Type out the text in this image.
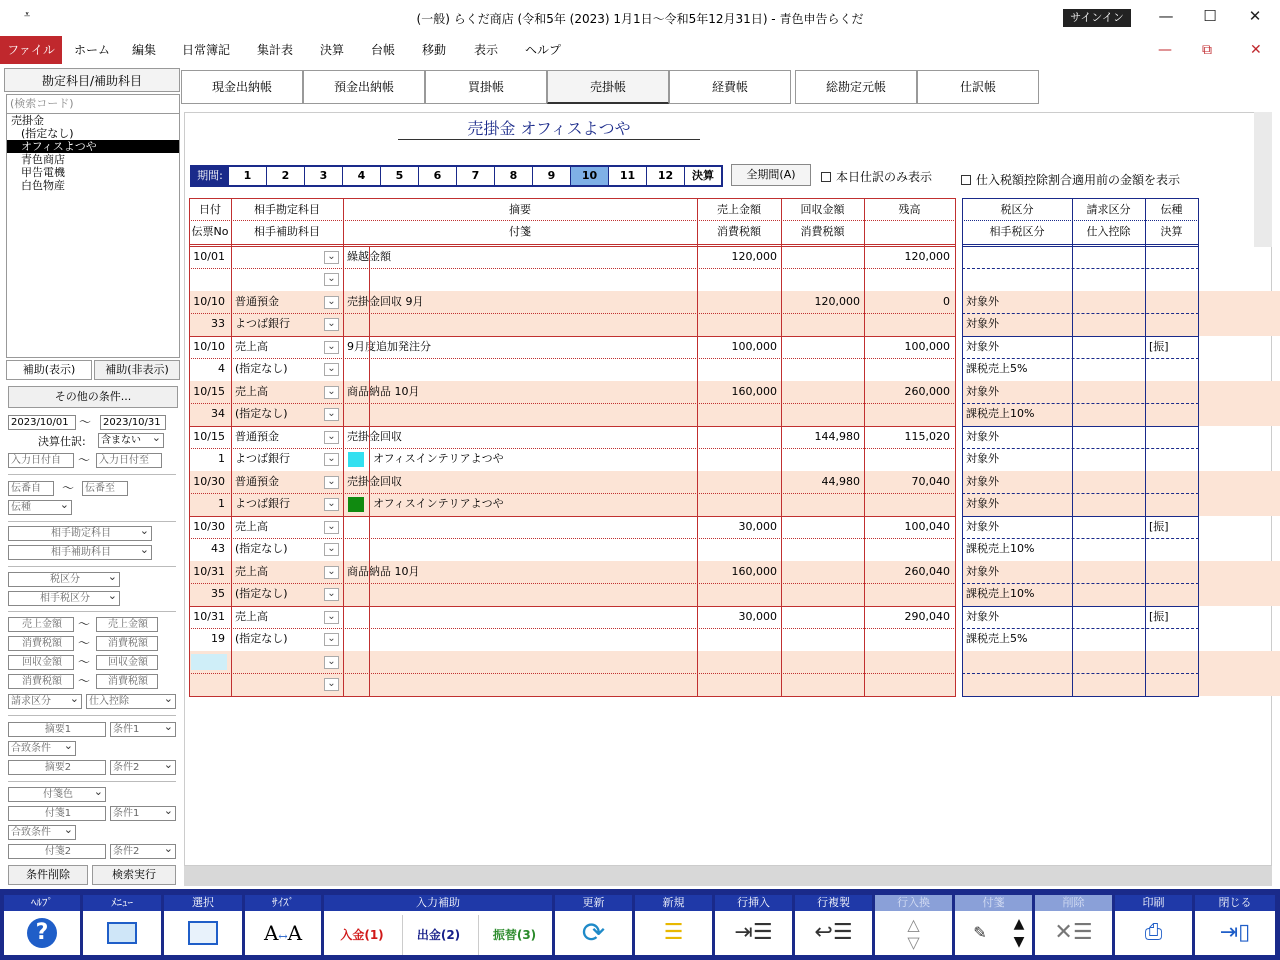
⩡	(一般) らくだ商店 (令和5年 (2023) 1月1日～令和5年12月31日) - 青色申告らくだ	サインイン	— ☐ ✕
ファイル	ホーム	編集	日常簿記	集計表	決算	台帳	移動	表示	ヘルプ	— ⧉	✕
勘定科目/補助科目
(検索コード)
売掛金
(指定なし)
オフィスよつや
青色商店
甲告電機
白色物産
補助(表示)	補助(非表示)
その他の条件...
2023/10/01 ～	2023/10/31
決算仕訳:	含まない ⌄
入力日付自	～ 入力日付至
伝番自	～	伝番至
伝種 ⌄
相手勘定科目 ⌄
相手補助科目 ⌄
税区分 ⌄
相手税区分 ⌄
売上金額	～	売上金額
消費税額	～	消費税額
回収金額	～	回収金額
消費税額	～	消費税額
請求区分 ⌄	仕入控除 ⌄
摘要1	条件1 ⌄
合致条件 ⌄
摘要2	条件2 ⌄
付箋色 ⌄
付箋1	条件1 ⌄
合致条件 ⌄
付箋2	条件2 ⌄
条件削除	検索実行
現金出納帳	預金出納帳	買掛帳	売掛帳	経費帳	総勘定元帳	仕訳帳
売掛金 オフィスよつや
期間:	1	2	3	4	5	6	7	8	9	10	11	12	決算	全期間(A)	本日仕訳のみ表示	仕入税額控除割合適用前の金額を表示
日付
伝票No
相手勘定科目
相手補助科目
摘要
付箋
売上金額
消費税額
回収金額
消費税額
残高
10/01	繰越金額	120,000	120,000
⌄
⌄
10/10
33
普通預金
よつば銀行
売掛金回収 9月	120,000	0
⌄
⌄
10/10
4
売上高
(指定なし)
9月度追加発注分	100,000	100,000
⌄
⌄
10/15
34
売上高
(指定なし)
商品納品 10月	160,000	260,000
⌄
⌄
10/15
1
普通預金
よつば銀行
売掛金回収
オフィスインテリアよつや
144,980	115,020
⌄
⌄
10/30
1
普通預金
よつば銀行
売掛金回収
オフィスインテリアよつや
44,980	70,040
⌄
⌄
10/30
43
売上高
(指定なし)
30,000	100,040
⌄
⌄
10/31
35
売上高
(指定なし)
商品納品 10月	160,000	260,040
⌄
⌄
10/31
19
売上高
(指定なし)
30,000	290,040
⌄
⌄
⌄
⌄
税区分
相手税区分
請求区分
仕入控除
伝種
決算
対象外
対象外
対象外
課税売上5%
[振]
対象外
課税売上10%
対象外
対象外
対象外
対象外
対象外
課税売上10%
[振]
対象外
課税売上10%
対象外
課税売上5%
[振]
ﾍﾙﾌﾟ
?
ﾒﾆｭｰ	選択	ｻｲｽﾞ
A↔A
入力補助
入金(1)	出金(2)	振替(3)
更新
⟳
新規
☰
行挿入
⇥☰
行複製
↩☰
行入換
△
▽
付箋
✎	▲
▼
削除
✕☰
印刷
⎙
閉じる
⇥▯
